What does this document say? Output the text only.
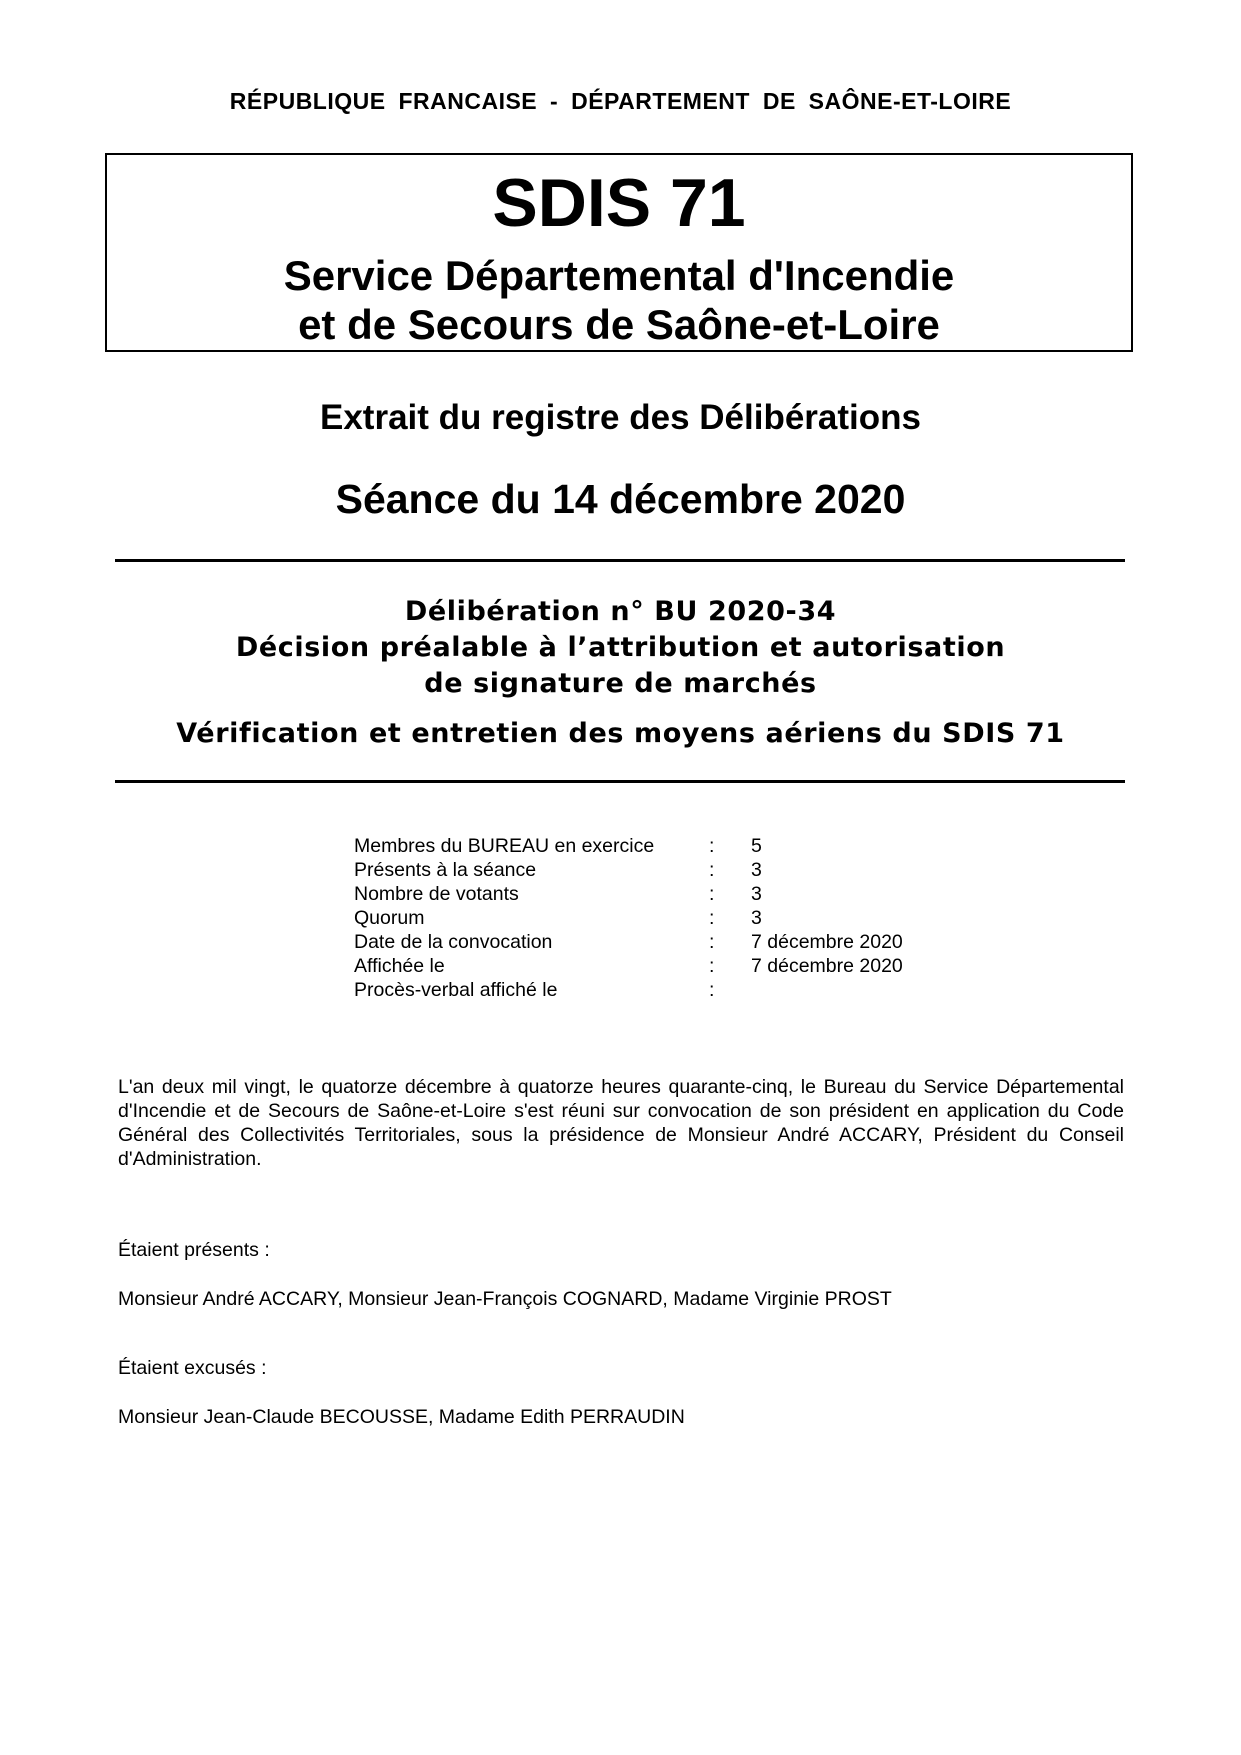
RÉPUBLIQUE FRANCAISE - DÉPARTEMENT DE SAÔNE-ET-LOIRE
SDIS 71
Service Départemental d'Incendie
et de Secours de Saône-et-Loire
Extrait du registre des Délibérations
Séance du 14 décembre 2020
Délibération n° BU 2020-34
Décision préalable à l’attribution et autorisation
de signature de marchés
Vérification et entretien des moyens aériens du SDIS 71
Membres du BUREAU en exercice	:	5
Présents à la séance	:	3
Nombre de votants	:	3
Quorum	:	3
Date de la convocation	:	7 décembre 2020
Affichée le	:	7 décembre 2020
Procès-verbal affiché le	:
L'an deux mil vingt, le quatorze décembre à quatorze heures quarante-cinq, le Bureau du Service Départemental d'Incendie et de Secours de Saône-et-Loire s'est réuni sur convocation de son président en application du Code Général des Collectivités Territoriales, sous la présidence de Monsieur André ACCARY, Président du Conseil d'Administration.
Étaient présents :
Monsieur André ACCARY, Monsieur Jean-François COGNARD, Madame Virginie PROST
Étaient excusés :
Monsieur Jean-Claude BECOUSSE, Madame Edith PERRAUDIN
